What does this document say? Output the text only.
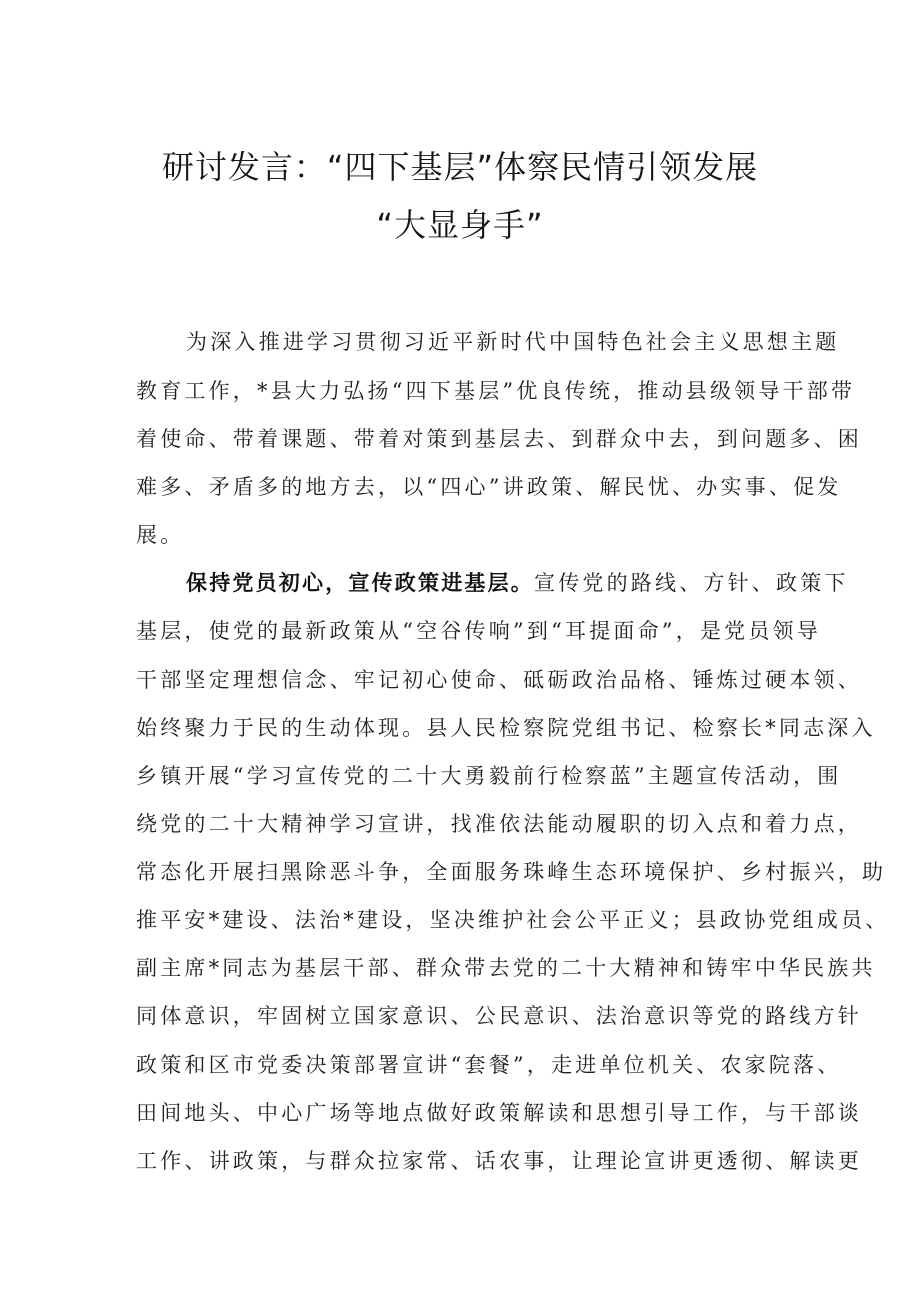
研讨发言：“四下基层”体察民情引领发展
“大显身手”
为深入推进学习贯彻习近平新时代中国特色社会主义思想主题
教育工作，*县大力弘扬“四下基层”优良传统，推动县级领导干部带
着使命、带着课题、带着对策到基层去、到群众中去，到问题多、困
难多、矛盾多的地方去，以“四心”讲政策、解民忧、办实事、促发
展。
保持党员初心，宣传政策进基层。宣传党的路线、方针、政策下
基层，使党的最新政策从“空谷传响”到“耳提面命”，是党员领导
干部坚定理想信念、牢记初心使命、砥砺政治品格、锤炼过硬本领、
始终聚力于民的生动体现。县人民检察院党组书记、检察长*同志深入
乡镇开展“学习宣传党的二十大勇毅前行检察蓝”主题宣传活动，围
绕党的二十大精神学习宣讲，找准依法能动履职的切入点和着力点，
常态化开展扫黑除恶斗争，全面服务珠峰生态环境保护、乡村振兴，助
推平安*建设、法治*建设，坚决维护社会公平正义；县政协党组成员、
副主席*同志为基层干部、群众带去党的二十大精神和铸牢中华民族共
同体意识，牢固树立国家意识、公民意识、法治意识等党的路线方针
政策和区市党委决策部署宣讲“套餐”，走进单位机关、农家院落、
田间地头、中心广场等地点做好政策解读和思想引导工作，与干部谈
工作、讲政策，与群众拉家常、话农事，让理论宣讲更透彻、解读更
